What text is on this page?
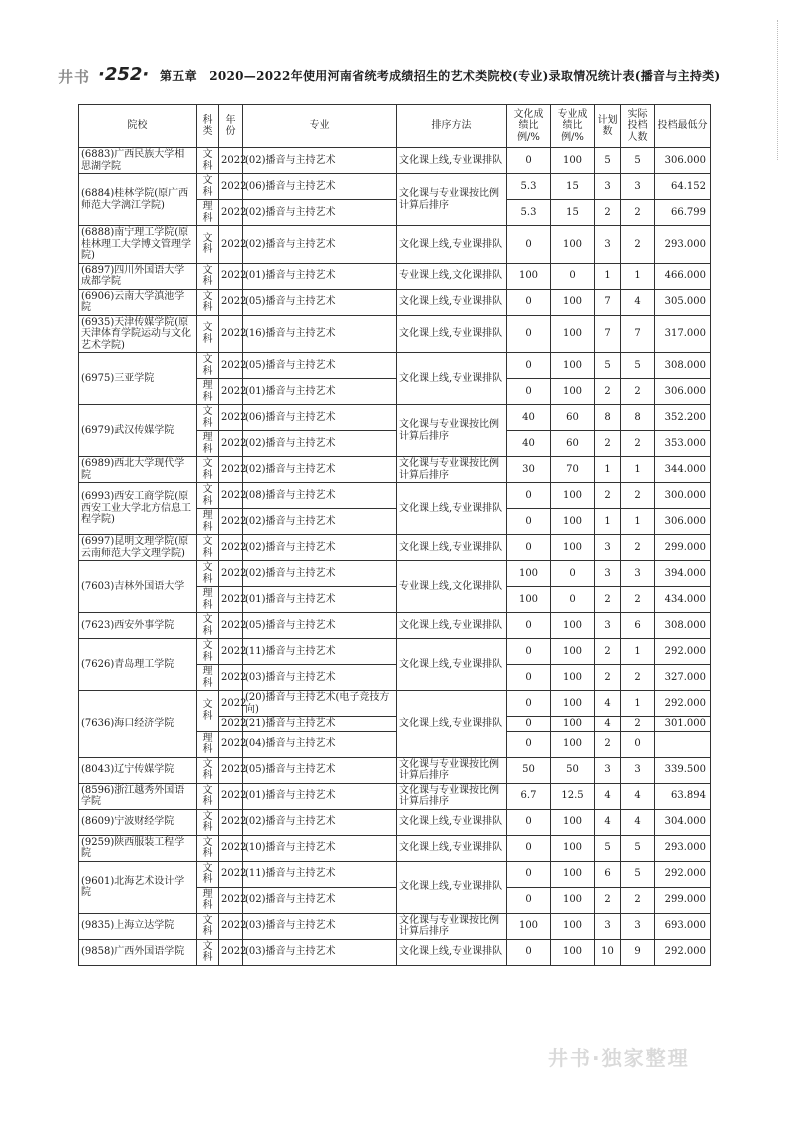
井书 ·252· 第五章　2020—2022年使用河南省统考成绩招生的艺术类院校(专业)录取情况统计表(播音与主持类)
院校	科类	年份	专业	排序方法	文化成绩比例/%	专业成绩比例/%	计划数	实际投档人数	投档最低分
(6883)广西民族大学相思湖学院	文科	2022	(02)播音与主持艺术	文化课上线,专业课排队	0	100	5	5	306.000
(6884)桂林学院(原广西师范大学漓江学院)	文科	2022	(06)播音与主持艺术	文化课与专业课按比例计算后排序	5.3	15	3	3	64.152
	理科	2022	(02)播音与主持艺术		5.3	15	2	2	66.799
(6888)南宁理工学院(原桂林理工大学博文管理学院)	文科	2022	(02)播音与主持艺术	文化课上线,专业课排队	0	100	3	2	293.000
(6897)四川外国语大学成都学院	文科	2022	(01)播音与主持艺术	专业课上线,文化课排队	100	0	1	1	466.000
(6906)云南大学滇池学院	文科	2022	(05)播音与主持艺术	文化课上线,专业课排队	0	100	7	4	305.000
(6935)天津传媒学院(原天津体育学院运动与文化艺术学院)	文科	2022	(16)播音与主持艺术	文化课上线,专业课排队	0	100	7	7	317.000
(6975)三亚学院	文科	2022	(05)播音与主持艺术	文化课上线,专业课排队	0	100	5	5	308.000
	理科	2022	(01)播音与主持艺术		0	100	2	2	306.000
(6979)武汉传媒学院	文科	2022	(06)播音与主持艺术	文化课与专业课按比例计算后排序	40	60	8	8	352.200
	理科	2022	(02)播音与主持艺术		40	60	2	2	353.000
(6989)西北大学现代学院	文科	2022	(02)播音与主持艺术	文化课与专业课按比例计算后排序	30	70	1	1	344.000
(6993)西安工商学院(原西安工业大学北方信息工程学院)	文科	2022	(08)播音与主持艺术	文化课上线,专业课排队	0	100	2	2	300.000
	理科	2022	(02)播音与主持艺术		0	100	1	1	306.000
(6997)昆明文理学院(原云南师范大学文理学院)	文科	2022	(02)播音与主持艺术	文化课上线,专业课排队	0	100	3	2	299.000
(7603)吉林外国语大学	文科	2022	(02)播音与主持艺术	专业课上线,文化课排队	100	0	3	3	394.000
	理科	2022	(01)播音与主持艺术		100	0	2	2	434.000
(7623)西安外事学院	文科	2022	(05)播音与主持艺术	文化课上线,专业课排队	0	100	3	6	308.000
(7626)青岛理工学院	文科	2022	(11)播音与主持艺术	文化课上线,专业课排队	0	100	2	1	292.000
	理科	2022	(03)播音与主持艺术		0	100	2	2	327.000
(7636)海口经济学院	文科	2022	(20)播音与主持艺术(电子竞技方向)	文化课上线,专业课排队	0	100	4	1	292.000
		2022	(21)播音与主持艺术		0	100	4	2	301.000
	理科	2022	(04)播音与主持艺术		0	100	2	0	
(8043)辽宁传媒学院	文科	2022	(05)播音与主持艺术	文化课与专业课按比例计算后排序	50	50	3	3	339.500
(8596)浙江越秀外国语学院	文科	2022	(01)播音与主持艺术	文化课与专业课按比例计算后排序	6.7	12.5	4	4	63.894
(8609)宁波财经学院	文科	2022	(02)播音与主持艺术	文化课上线,专业课排队	0	100	4	4	304.000
(9259)陕西服装工程学院	文科	2022	(10)播音与主持艺术	文化课上线,专业课排队	0	100	5	5	293.000
(9601)北海艺术设计学院	文科	2022	(11)播音与主持艺术	文化课上线,专业课排队	0	100	6	5	292.000
	理科	2022	(02)播音与主持艺术		0	100	2	2	299.000
(9835)上海立达学院	文科	2022	(03)播音与主持艺术	文化课与专业课按比例计算后排序	100	100	3	3	693.000
(9858)广西外国语学院	文科	2022	(03)播音与主持艺术	文化课上线,专业课排队	0	100	10	9	292.000
井书·独家整理
